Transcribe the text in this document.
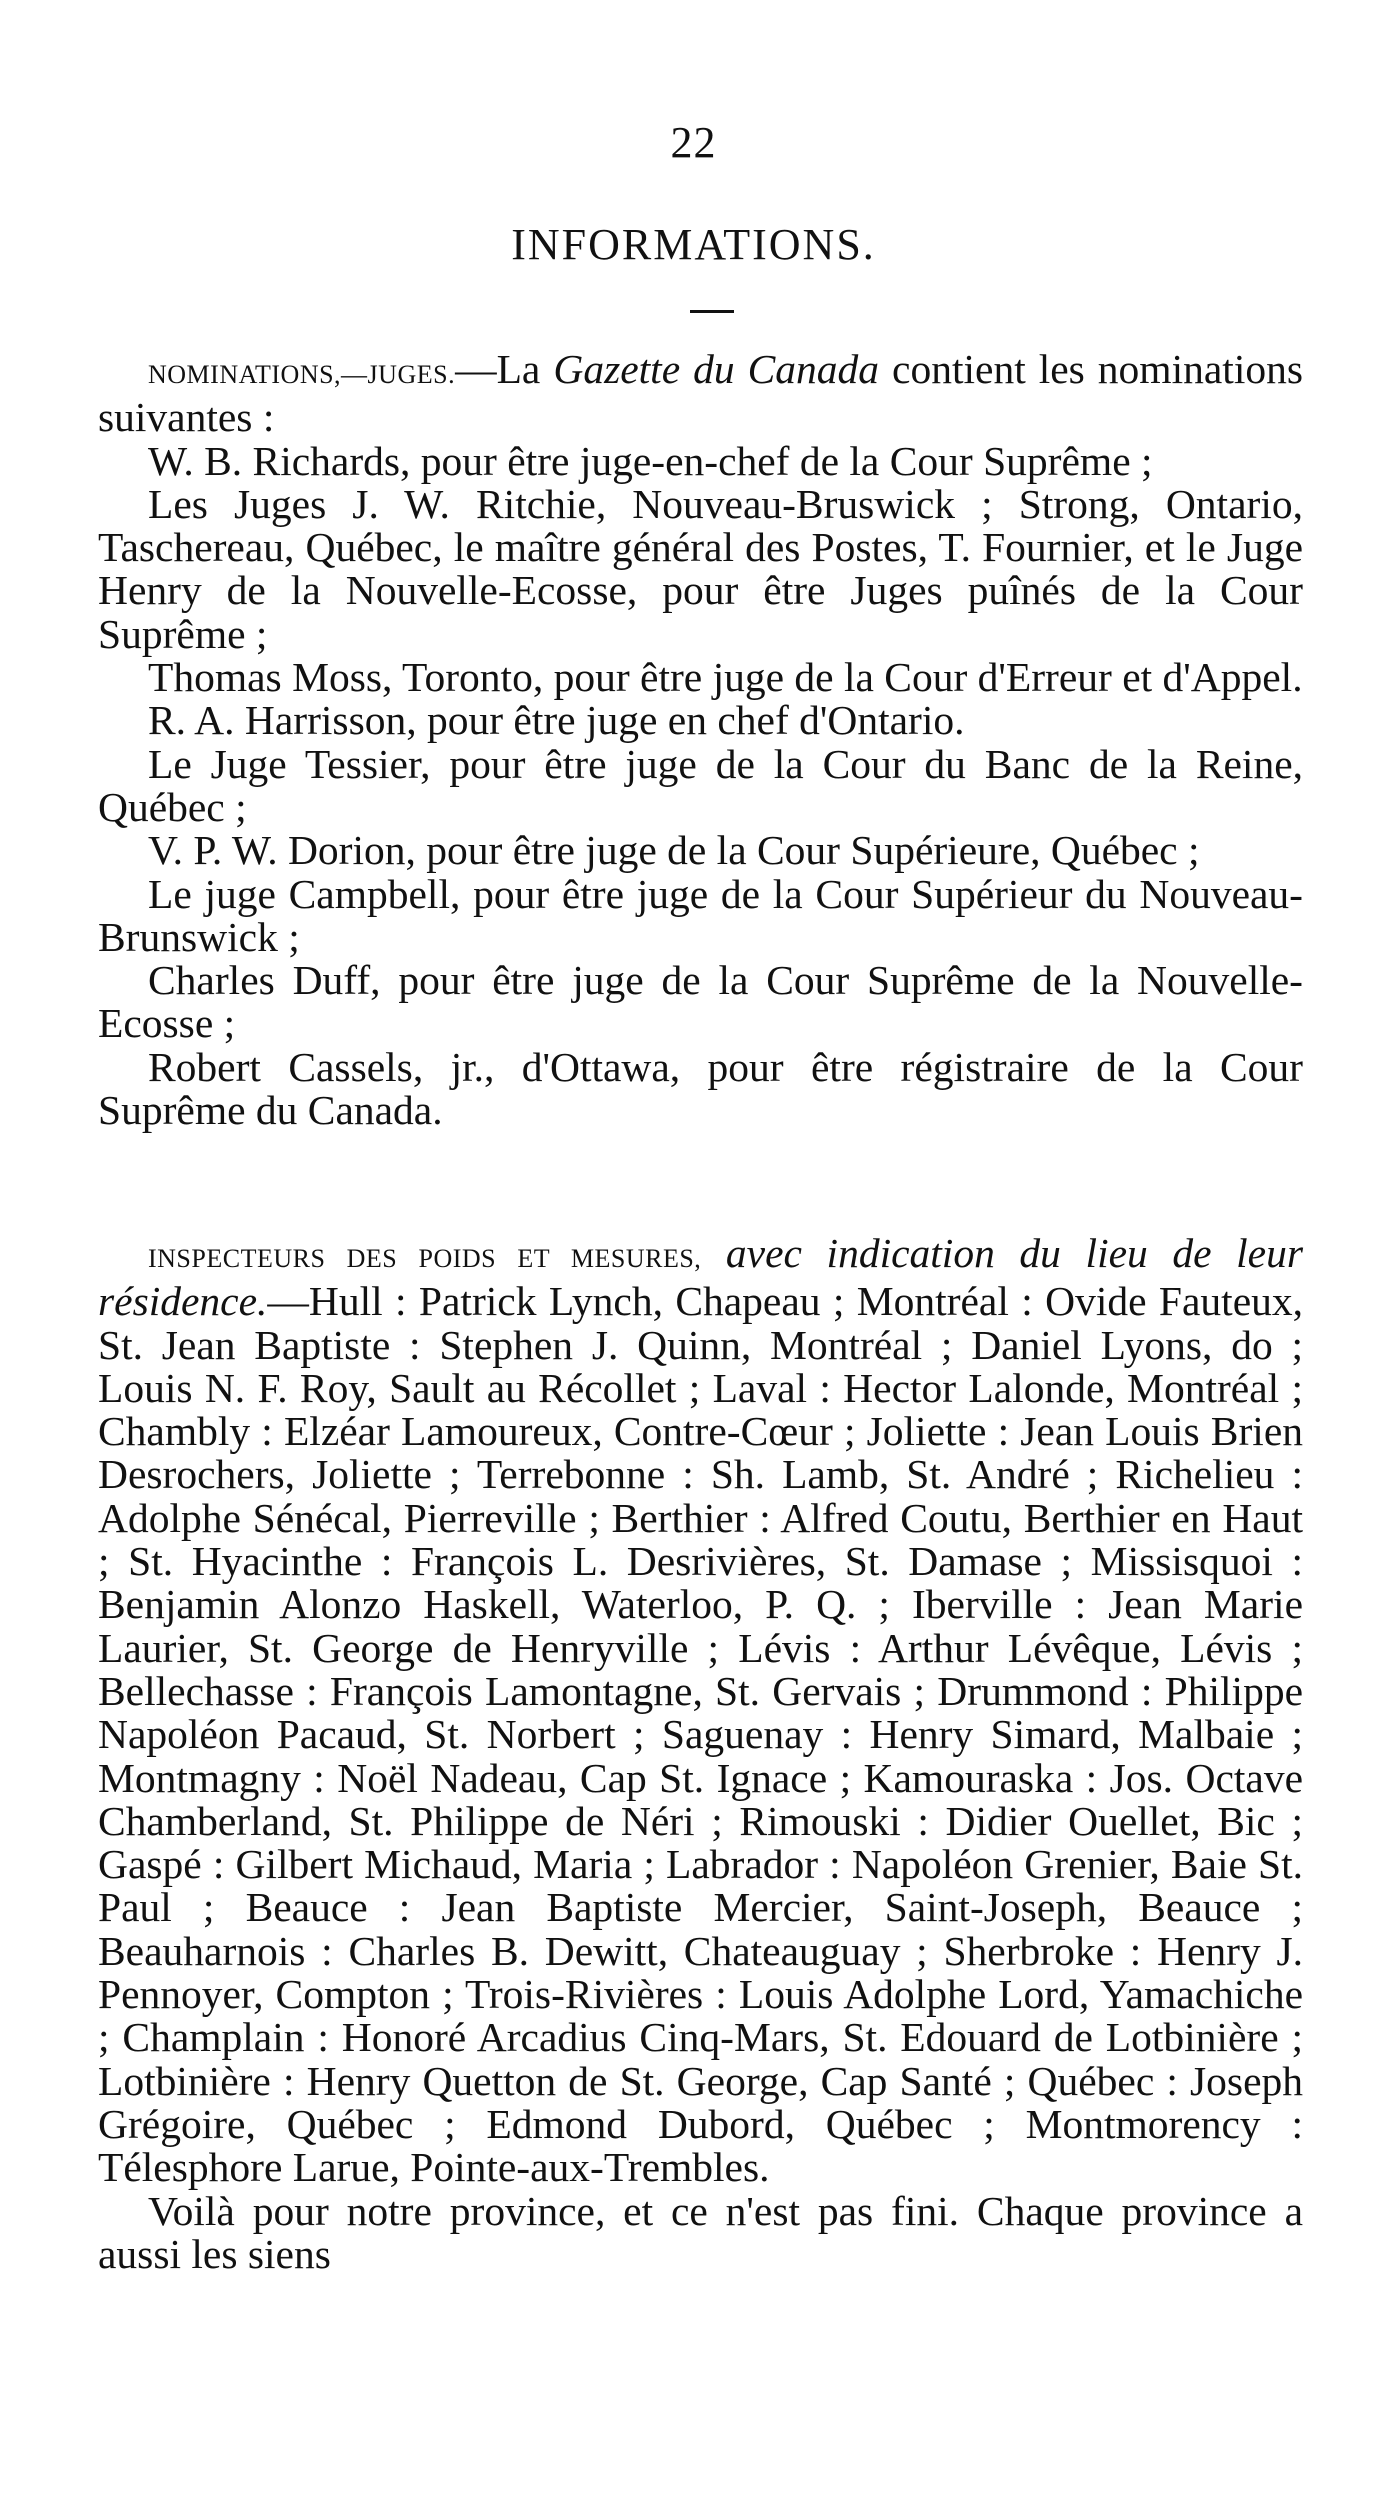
22
INFORMATIONS.

NOMINATIONS,—JUGES.—La Gazette du Canada contient les nominations suivantes :

W. B. Richards, pour être juge-en-chef de la Cour Suprême ;

Les Juges J. W. Ritchie, Nouveau-Bruswick ; Strong, Ontario, Taschereau, Québec, le maître général des Postes, T. Fournier, et le Juge Henry de la Nouvelle-Ecosse, pour être Juges puînés de la Cour Suprême ;

Thomas Moss, Toronto, pour être juge de la Cour d'Erreur et d'Appel.

R. A. Harrisson, pour être juge en chef d'Ontario.

Le Juge Tessier, pour être juge de la Cour du Banc de la Reine, Québec ;

V. P. W. Dorion, pour être juge de la Cour Supérieure, Québec ;

Le juge Campbell, pour être juge de la Cour Supérieur du Nouveau-Brunswick ;

Charles Duff, pour être juge de la Cour Suprême de la Nouvelle-Ecosse ;

Robert Cassels, jr., d'Ottawa, pour être régistraire de la Cour Suprême du Canada.

INSPECTEURS DES POIDS ET MESURES, avec indication du lieu de leur résidence.—Hull : Patrick Lynch, Chapeau ; Montréal : Ovide Fauteux, St. Jean Baptiste : Stephen J. Quinn, Montréal ; Daniel Lyons, do ; Louis N. F. Roy, Sault au Récollet ; Laval : Hector Lalonde, Montréal ; Chambly : Elzéar Lamoureux, Contre-Cœur ; Joliette : Jean Louis Brien Desrochers, Joliette ; Terrebonne : Sh. Lamb, St. André ; Richelieu : Adolphe Sénécal, Pierreville ; Berthier : Alfred Coutu, Berthier en Haut ; St. Hyacinthe : François L. Desrivières, St. Damase ; Missisquoi : Benjamin Alonzo Haskell, Waterloo, P. Q. ; Iberville : Jean Marie Laurier, St. George de Henryville ; Lévis : Arthur Lévêque, Lévis ; Bellechasse : François Lamontagne, St. Gervais ; Drummond : Philippe Napoléon Pacaud, St. Norbert ; Saguenay : Henry Simard, Malbaie ; Montmagny : Noël Nadeau, Cap St. Ignace ; Kamouraska : Jos. Octave Chamberland, St. Philippe de Néri ; Rimouski : Didier Ouellet, Bic ; Gaspé : Gilbert Michaud, Maria ; Labrador : Napoléon Grenier, Baie St. Paul ; Beauce : Jean Baptiste Mercier, Saint-Joseph, Beauce ; Beauharnois : Charles B. Dewitt, Chateauguay ; Sherbroke : Henry J. Pennoyer, Compton ; Trois-Rivières : Louis Adolphe Lord, Yamachiche ; Champlain : Honoré Arcadius Cinq-Mars, St. Edouard de Lotbinière ; Lotbinière : Henry Quetton de St. George, Cap Santé ; Québec : Joseph Grégoire, Québec ; Edmond Dubord, Québec ; Montmorency : Télesphore Larue, Pointe-aux-Trembles.

Voilà pour notre province, et ce n'est pas fini. Chaque province a aussi les siens
